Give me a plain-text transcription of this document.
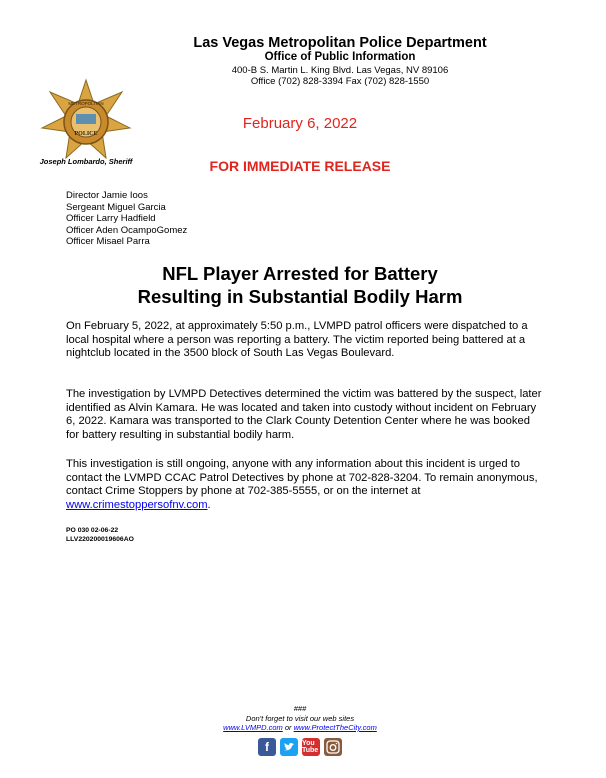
Las Vegas Metropolitan Police Department
Office of Public Information
400-B S. Martin L. King Blvd. Las Vegas, NV 89106
Office (702) 828-3394 Fax (702) 828-1550
POLICE
METROPOLITAN
Joseph Lombardo, Sheriff
February 6, 2022
FOR IMMEDIATE RELEASE
Director Jamie Ioos
Sergeant Miguel Garcia
Officer Larry Hadfield
Officer Aden OcampoGomez
Officer Misael Parra
NFL Player Arrested for Battery
Resulting in Substantial Bodily Harm
On February 5, 2022, at approximately 5:50 p.m., LVMPD patrol officers were dispatched to a local hospital where a person was reporting a battery. The victim reported being battered at a nightclub located in the 3500 block of South Las Vegas Boulevard.
The investigation by LVMPD Detectives determined the victim was battered by the suspect, later identified as Alvin Kamara. He was located and taken into custody without incident on February 6, 2022. Kamara was transported to the Clark County Detention Center where he was booked for battery resulting in substantial bodily harm.
This investigation is still ongoing, anyone with any information about this incident is urged to contact the LVMPD CCAC Patrol Detectives by phone at 702-828-3204. To remain anonymous, contact Crime Stoppers by phone at 702-385-5555, or on the internet at www.crimestoppersofnv.com.
PO 030 02-06-22
LLV220200019606AO
###
Don't forget to visit our web sites
www.LVMPD.com or www.ProtectTheCity.com
f	You Tube
